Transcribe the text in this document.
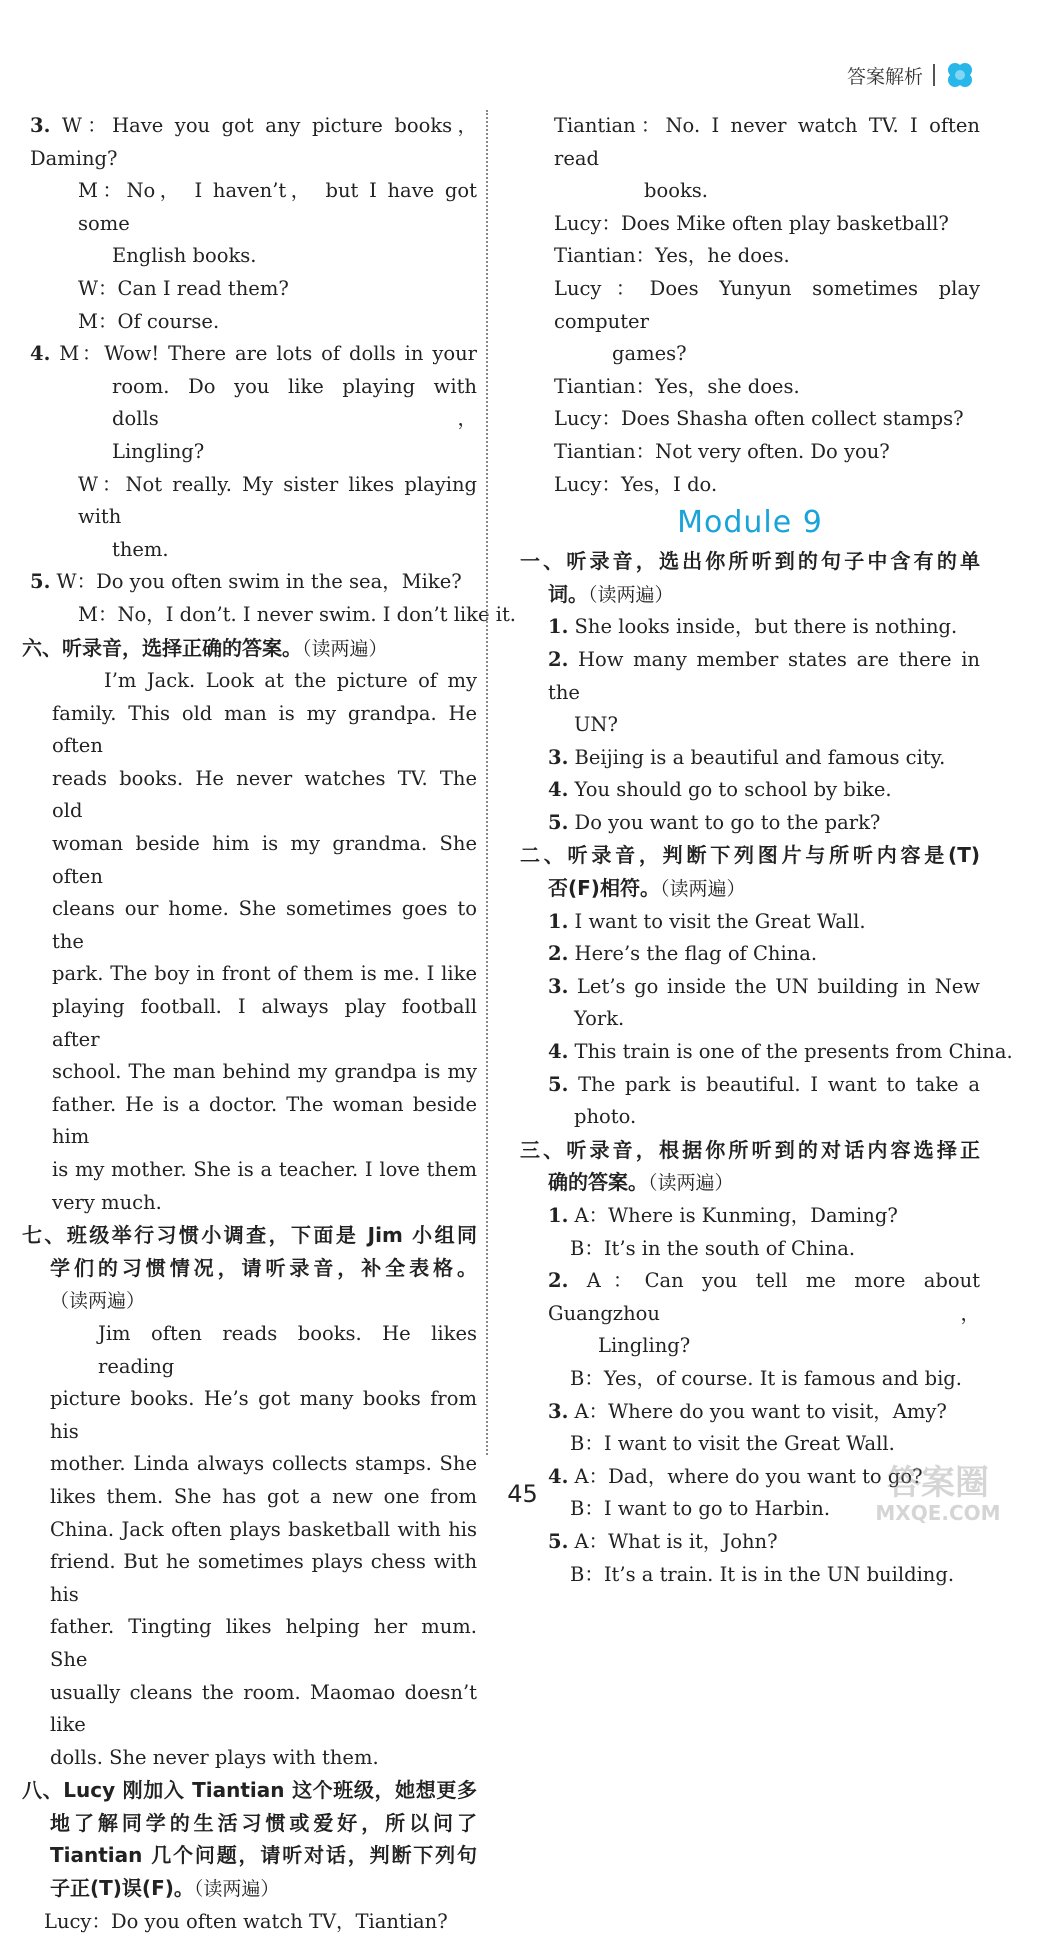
答案解析
3. W：Have you got any picture books，Daming?
M：No， I haven’t， but I have got some
English books.
W：Can I read them?
M：Of course.
4. M：Wow! There are lots of dolls in your
room. Do you like playing with dolls，
Lingling?
W：Not really. My sister likes playing with
them.
5. W：Do you often swim in the sea，Mike?
M：No，I don’t. I never swim. I don’t like it.
六、听录音，选择正确的答案。（读两遍）
I’m Jack. Look at the picture of my
family. This old man is my grandpa. He often
reads books. He never watches TV. The old
woman beside him is my grandma. She often
cleans our home. She sometimes goes to the
park. The boy in front of them is me. I like
playing football. I always play football after
school. The man behind my grandpa is my
father. He is a doctor. The woman beside him
is my mother. She is a teacher. I love them
very much.
七、班级举行习惯小调查，下面是 Jim 小组同
学们的习惯情况，请听录音，补全表格。
（读两遍）
Jim often reads books. He likes reading
picture books. He’s got many books from his
mother. Linda always collects stamps. She
likes them. She has got a new one from
China. Jack often plays basketball with his
friend. But he sometimes plays chess with his
father. Tingting likes helping her mum. She
usually cleans the room. Maomao doesn’t like
dolls. She never plays with them.
八、Lucy 刚加入 Tiantian 这个班级，她想更多
地了解同学的生活习惯或爱好，所以问了
Tiantian 几个问题，请听对话，判断下列句
子正(T)误(F)。（读两遍）
Lucy：Do you often watch TV，Tiantian?
Tiantian：No. I never watch TV. I often read
books.
Lucy：Does Mike often play basketball?
Tiantian：Yes，he does.
Lucy：Does Yunyun sometimes play computer
games?
Tiantian：Yes，she does.
Lucy：Does Shasha often collect stamps?
Tiantian：Not very often. Do you?
Lucy：Yes，I do.
Module 9
一、听录音，选出你所听到的句子中含有的单
词。（读两遍）
1. She looks inside，but there is nothing.
2. How many member states are there in the
UN?
3. Beijing is a beautiful and famous city.
4. You should go to school by bike.
5. Do you want to go to the park?
二、听录音，判断下列图片与所听内容是(T)
否(F)相符。（读两遍）
1. I want to visit the Great Wall.
2. Here’s the flag of China.
3. Let’s go inside the UN building in New
York.
4. This train is one of the presents from China.
5. The park is beautiful. I want to take a
photo.
三、听录音，根据你所听到的对话内容选择正
确的答案。（读两遍）
1. A：Where is Kunming，Daming?
B：It’s in the south of China.
2. A：Can you tell me more about Guangzhou，
Lingling?
B：Yes，of course. It is famous and big.
3. A：Where do you want to visit，Amy?
B：I want to visit the Great Wall.
4. A：Dad，where do you want to go?
B：I want to go to Harbin.
5. A：What is it，John?
B：It’s a train. It is in the UN building.
45	答案圈
MXQE.COM
